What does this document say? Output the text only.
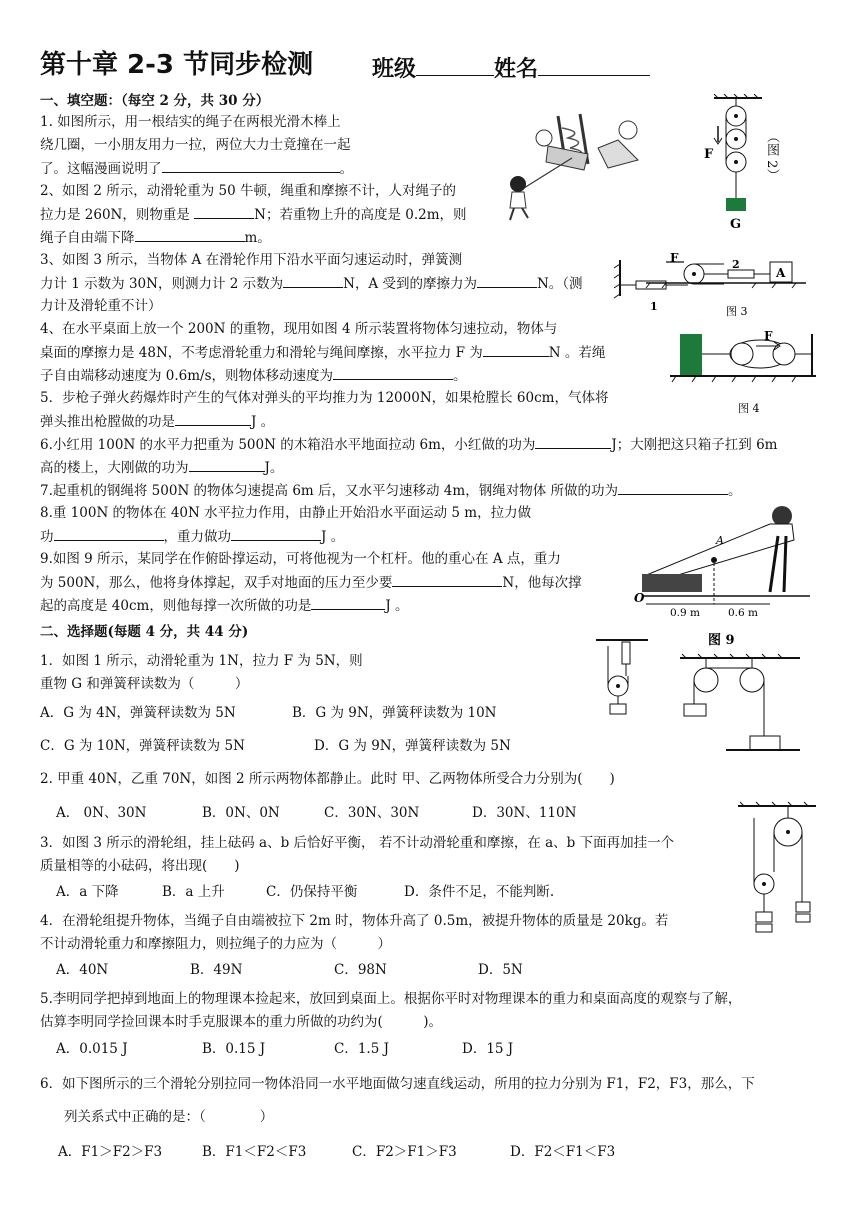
第十章 2-3 节同步检测	班级	姓名
一、填空题：（每空 2 分，共 30 分）
1. 如图所示，用一根结实的绳子在两根光滑木棒上
绕几圈，一小朋友用力一拉，两位大力士竟撞在一起
了。这幅漫画说明了	。
2、如图 2 所示，动滑轮重为 50 牛顿，绳重和摩擦不计，人对绳子的
拉力是 260N，则物重是	N；若重物上升的高度是 0.2m，则
绳子自由端下降	m。
3、如图 3 所示，当物体 A 在滑轮作用下沿水平面匀速运动时，弹簧测
力计 1 示数为 30N，则测力计 2 示数为	N，A 受到的摩擦力为	N。（测
力计及滑轮重不计）
4、在水平桌面上放一个 200N 的重物，现用如图 4 所示装置将物体匀速拉动，物体与
桌面的摩擦力是 48N，不考虑滑轮重力和滑轮与绳间摩擦，水平拉力 F 为	N 。若绳
子自由端移动速度为 0.6m/s，则物体移动速度为	。
5．步枪子弹火药爆炸时产生的气体对弹头的平均推力为 12000N，如果枪膛长 60cm，气体将
弹头推出枪膛做的功是	J 。
6.小红用 100N 的水平力把重为 500N 的木箱沿水平地面拉动 6m，小红做的功为	J；大刚把这只箱子扛到 6m
高的楼上，大刚做的功为	J。
7.起重机的钢绳将 500N 的物体匀速提高 6m 后，又水平匀速移动 4m，钢绳对物体 所做的功为	。
8.重 100N 的物体在 40N 水平拉力作用，由静止开始沿水平面运动 5 m，拉力做
功	，重力做功	J 。
9.如图 9 所示，某同学在作俯卧撑运动，可将他视为一个杠杆。他的重心在 A 点，重力
为 500N，那么，他将身体撑起，双手对地面的压力至少要	N，他每次撑
起的高度是 40cm，则他每撑一次所做的功是	J 。
二、选择题(每题 4 分，共 44 分)
1．如图 1 所示，动滑轮重为 1N，拉力 F 为 5N，则
重物 G 和弹簧秤读数为（　　　）
A．G 为 4N，弹簧秤读数为 5N	B．G 为 9N，弹簧秤读数为 10N
C．G 为 10N，弹簧秤读数为 5N	D．G 为 9N，弹簧秤读数为 5N
2. 甲重 40N，乙重 70N，如图 2 所示两物体都静止。此时 甲、乙两物体所受合力分别为(　　)
A． 0N、30N	B．0N、0N	C．30N、30N	D．30N、110N
3．如图 3 所示的滑轮组，挂上砝码 a、b 后恰好平衡， 若不计动滑轮重和摩擦，在 a、b 下面再加挂一个
质量相等的小砝码，将出现(　　)
A．a 下降	B．a 上升	C．仍保持平衡	D．条件不足，不能判断.
4．在滑轮组提升物体，当绳子自由端被拉下 2m 时，物体升高了 0.5m，被提升物体的质量是 20kg。若
不计动滑轮重力和摩擦阻力，则拉绳子的力应为（　　　）
A．40N	B．49N	C．98N	D．5N
5.李明同学把掉到地面上的物理课本捡起来，放回到桌面上。根据你平时对物理课本的重力和桌面高度的观察与了解，
估算李明同学捡回课本时手克服课本的重力所做的功约为(　　　)。
A．0.015 J	B．0.15 J	C．1.5 J	D．15 J
6．如下图所示的三个滑轮分别拉同一物体沿同一水平地面做匀速直线运动，所用的拉力分别为 F1，F2，F3，那么，下
列关系式中正确的是：（　　　　）
A．F1＞F2＞F3	B．F1＜F2＜F3	C．F2＞F1＞F3	D．F2＜F1＜F3
F
G
（图 2）
F	2
A
1	图 3
F
图 4
A
O
0.9 m	0.6 m
图 9
